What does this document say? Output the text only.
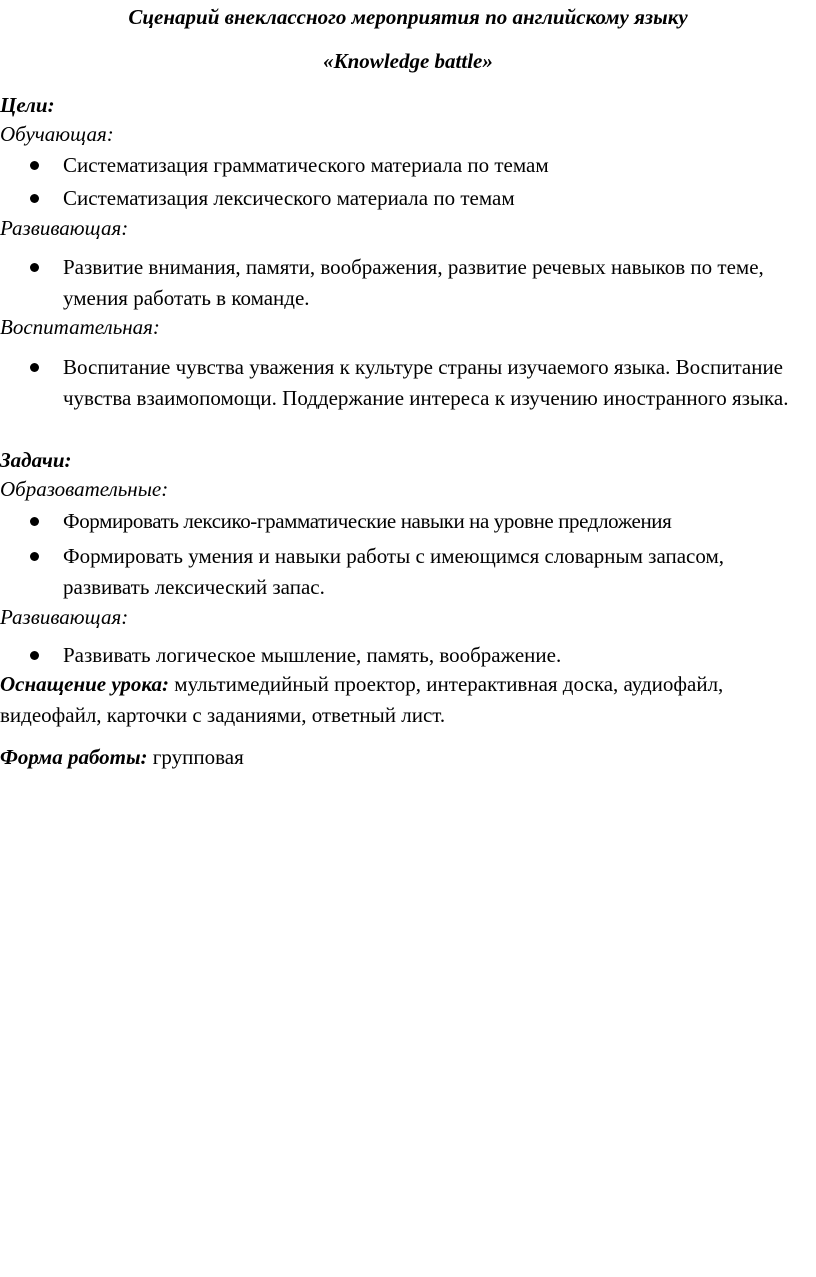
Сценарий внеклассного мероприятия по английскому языку
«Knowledge battle»
Цели:
Обучающая:
Систематизация грамматического материала по темам
Систематизация лексического материала по темам
Развивающая:
Развитие внимания, памяти, воображения, развитие речевых навыков по теме, умения работать в команде.
Воспитательная:
Воспитание чувства уважения к культуре страны изучаемого языка. Воспитание чувства взаимопомощи. Поддержание интереса к изучению иностранного языка.
Задачи:
Образовательные:
Формировать лексико-грамматические навыки на уровне предложения
Формировать умения и навыки работы с имеющимся словарным запасом, развивать лексический запас.
Развивающая:
Развивать логическое мышление, память, воображение.
Оснащение урока: мультимедийный проектор, интерактивная доска, аудиофайл, видеофайл, карточки с заданиями, ответный лист.
Форма работы: групповая
